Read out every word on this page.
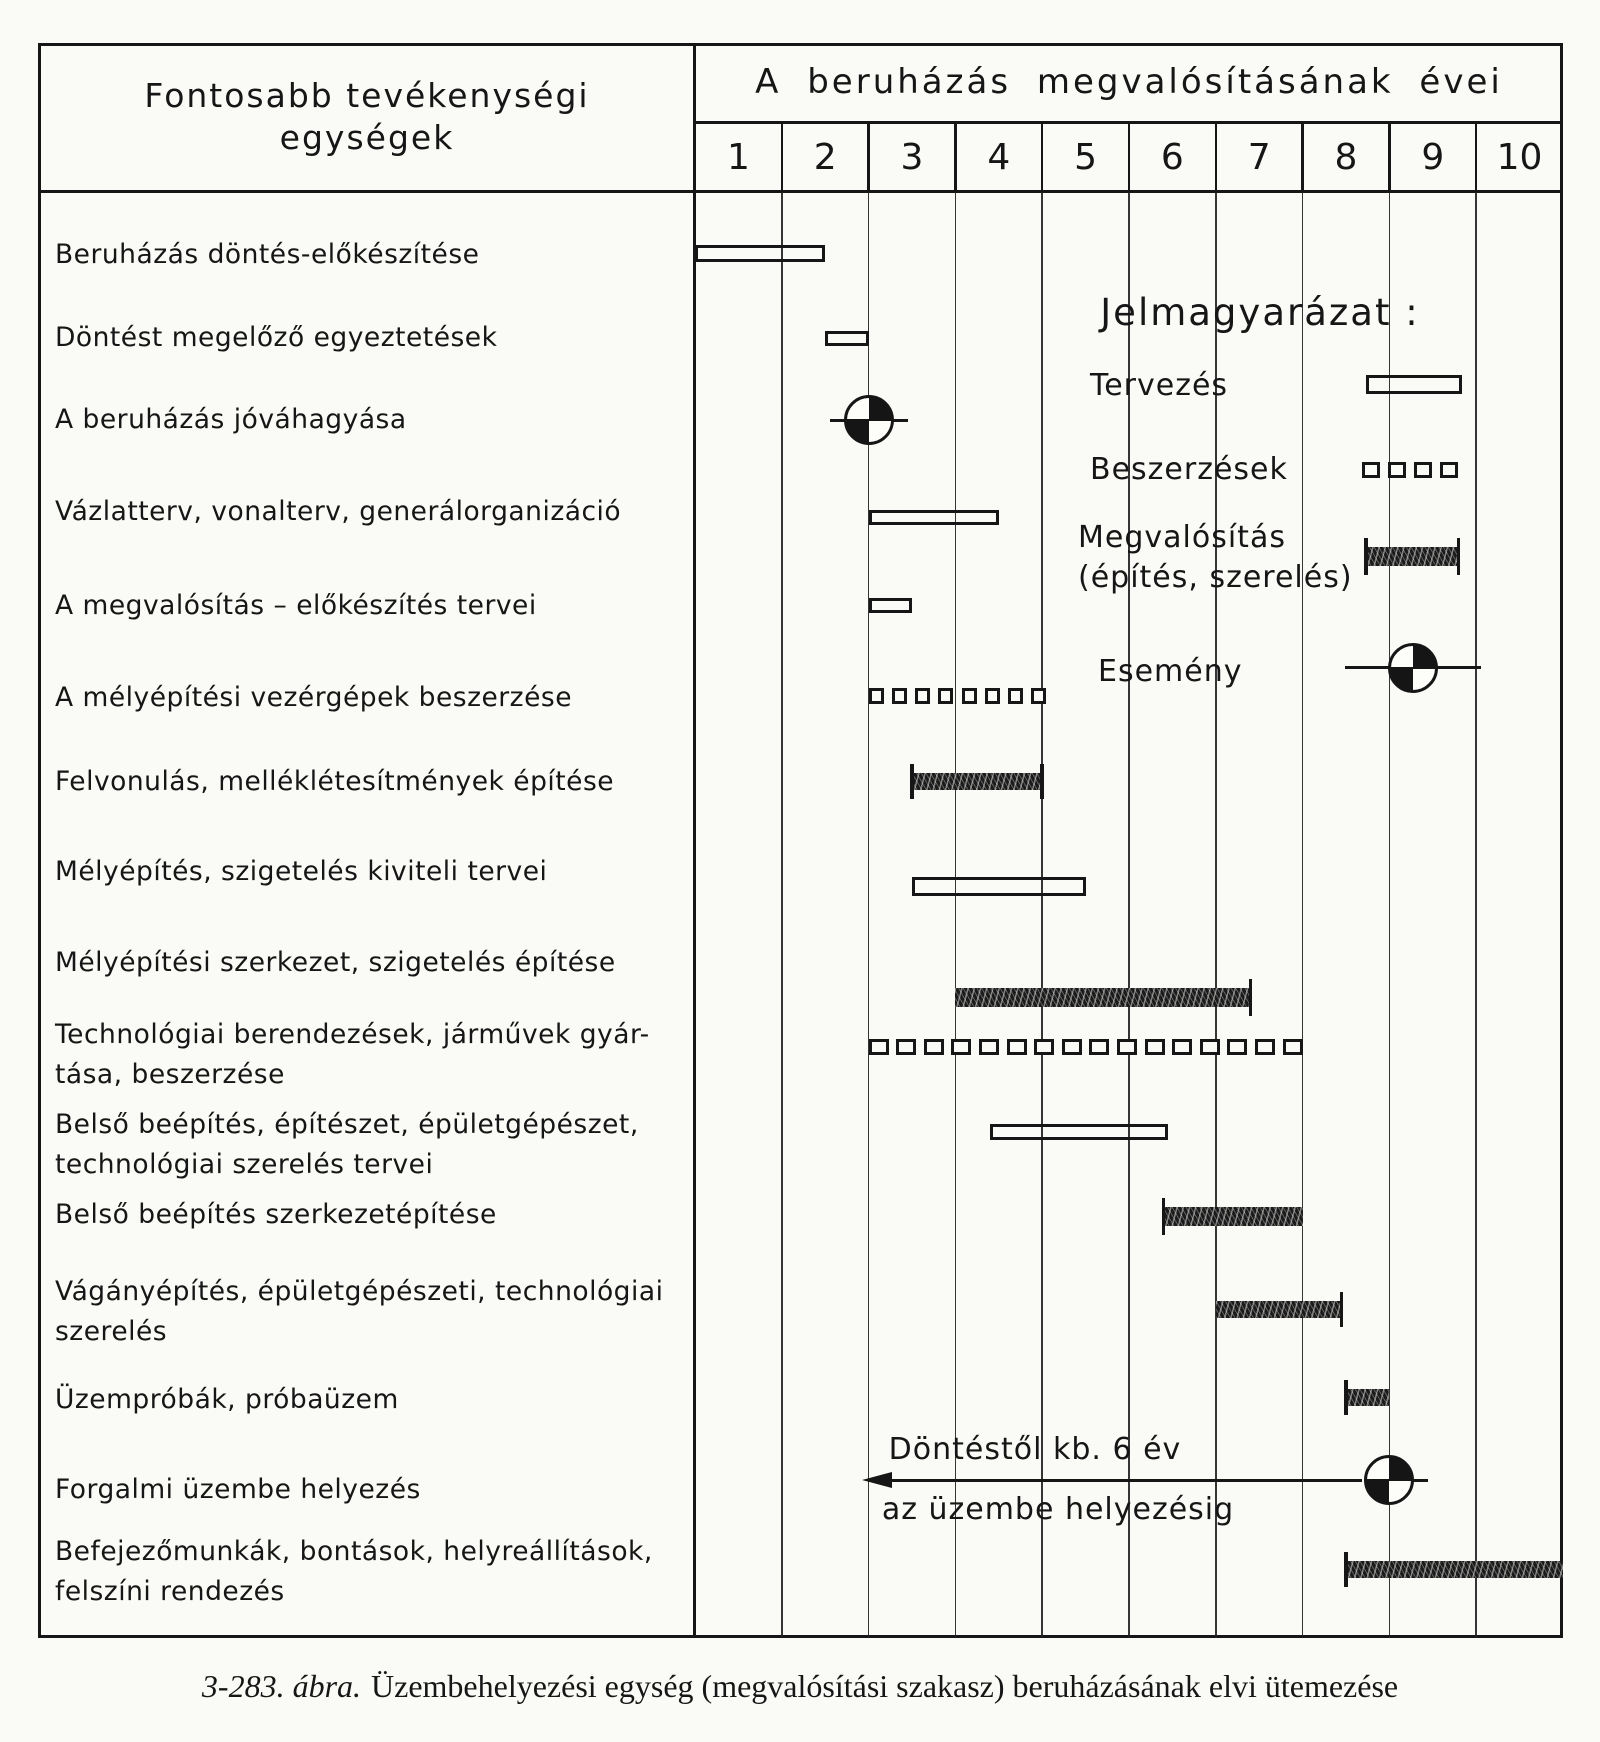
Fontosabb tevékenységi
egységek
A beruházás megvalósításának évei
1	2	3	4	5	6	7	8	9	10
Beruházás döntés-előkészítése
Döntést megelőző egyeztetések
A beruházás jóváhagyása
Vázlatterv, vonalterv, generálorganizáció
A megvalósítás – előkészítés tervei
A mélyépítési vezérgépek beszerzése
Felvonulás, melléklétesítmények építése
Mélyépítés, szigetelés kiviteli tervei
Mélyépítési szerkezet, szigetelés építése
Technológiai berendezések, járművek gyár-
tása, beszerzése
Belső beépítés, építészet, épületgépészet,
technológiai szerelés tervei
Belső beépítés szerkezetépítése
Vágányépítés, épületgépészeti, technológiai
szerelés
Üzempróbák, próbaüzem
Forgalmi üzembe helyezés
Befejezőmunkák, bontások, helyreállítások,
felszíni rendezés
Jelmagyarázat :
Tervezés
Beszerzések
Megvalósítás
(építés, szerelés)
Esemény
Döntéstől kb. 6 év
az üzembe helyezésig
3-283. ábra. Üzembehelyezési egység (megvalósítási szakasz) beruházásának elvi ütemezése
